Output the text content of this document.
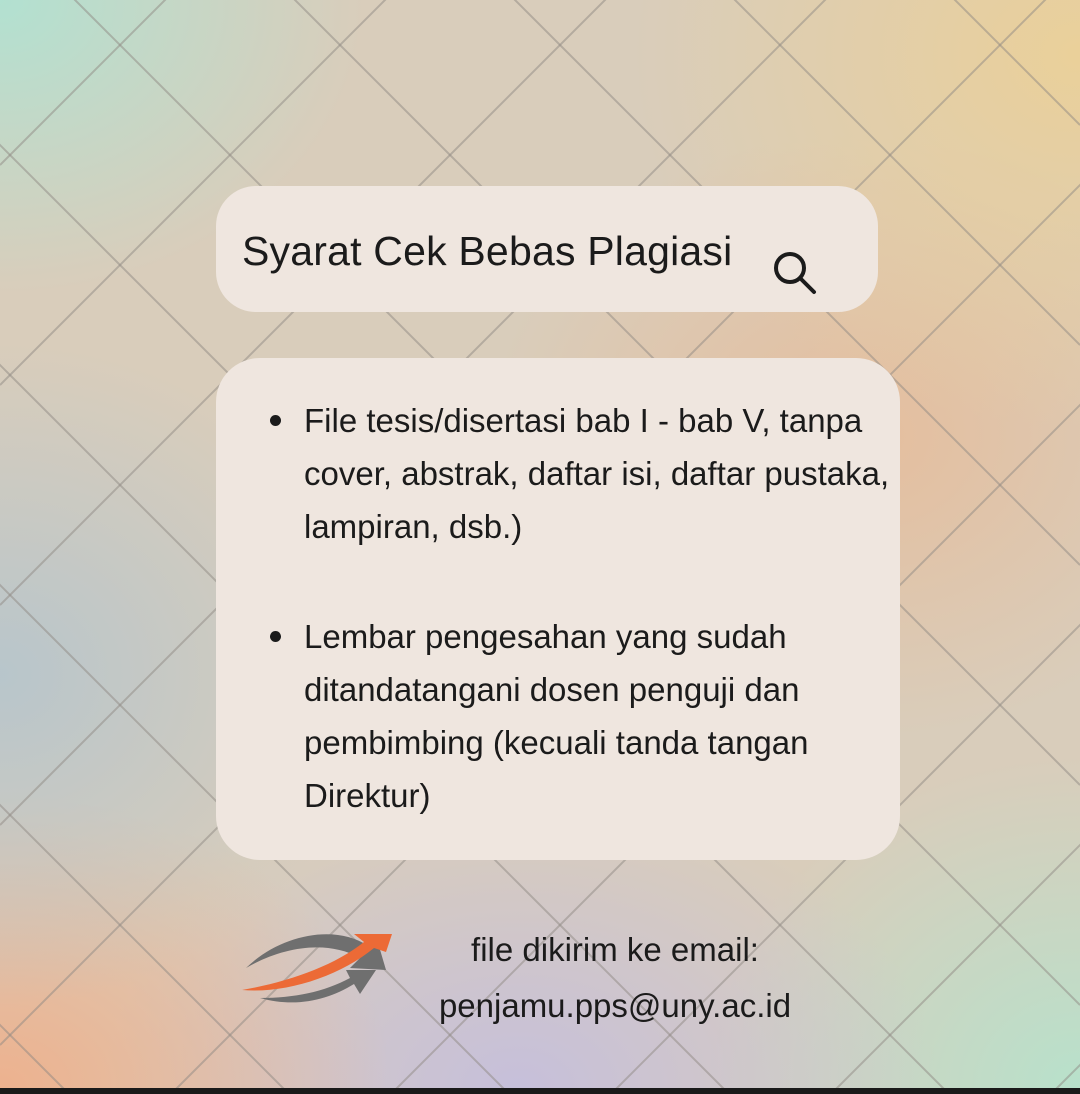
Syarat Cek Bebas Plagiasi
File tesis/disertasi bab I - bab V, tanpa cover, abstrak, daftar isi, daftar pustaka, lampiran, dsb.)
Lembar pengesahan yang sudah ditandatangani dosen penguji dan pembimbing (kecuali tanda tangan Direktur)
file dikirim ke email:
penjamu.pps@uny.ac.id
